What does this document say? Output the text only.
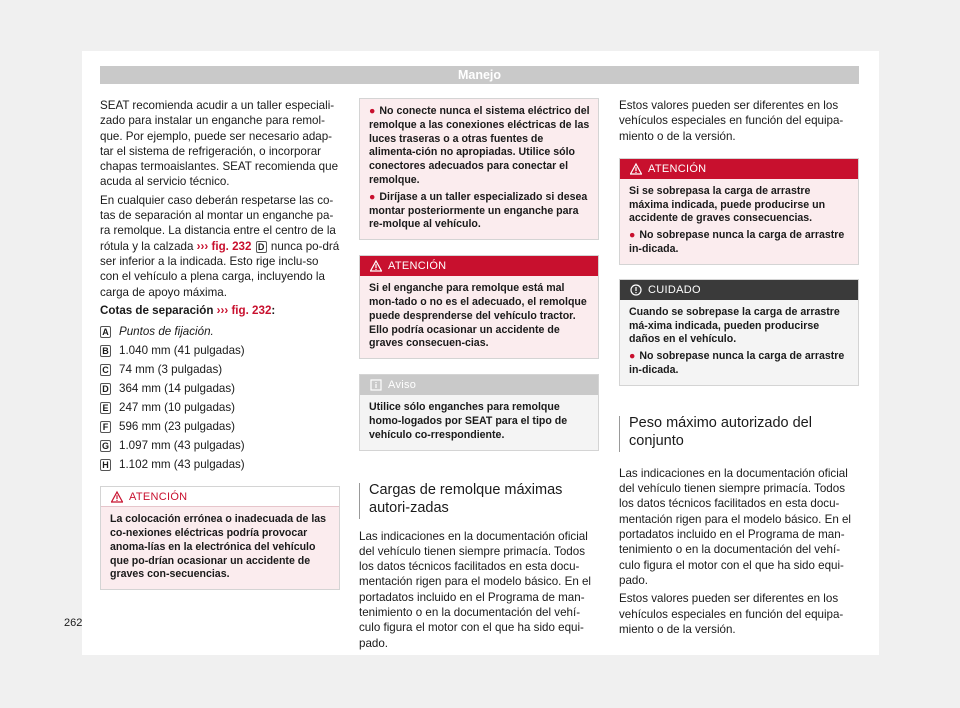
Manejo

SEAT recomienda acudir a un taller especiali-zado para instalar un enganche para remol-que. Por ejemplo, puede ser necesario adap-tar el sistema de refrigeración, o incorporar chapas termoaislantes. SEAT recomienda que acuda al servicio técnico.

En cualquier caso deberán respetarse las co-tas de separación al montar un enganche pa-ra remolque. La distancia entre el centro de la rótula y la calzada ››› fig. 232 D nunca po-drá ser inferior a la indicada. Esto rige inclu-so con el vehículo a plena carga, incluyendo la carga de apoyo máxima.

Cotas de separación ››› fig. 232:

A Puntos de fijación.
B 1.040 mm (41 pulgadas)
C 74 mm (3 pulgadas)
D 364 mm (14 pulgadas)
E 247 mm (10 pulgadas)
F 596 mm (23 pulgadas)
G 1.097 mm (43 pulgadas)
H 1.102 mm (43 pulgadas)
ATENCIÓN
La colocación errónea o inadecuada de las co-nexiones eléctricas podría provocar anoma-lías en la electrónica del vehículo que po-drían ocasionar un accidente de graves con-secuencias.
● No conecte nunca el sistema eléctrico del remolque a las conexiones eléctricas de las luces traseras o a otras fuentes de alimenta-ción no apropiadas. Utilice sólo conectores adecuados para conectar el remolque.
● Diríjase a un taller especializado si desea montar posteriormente un enganche para re-molque al vehículo.
ATENCIÓN
Si el enganche para remolque está mal mon-tado o no es el adecuado, el remolque puede desprenderse del vehículo tractor. Ello podría ocasionar un accidente de graves consecuen-cias.
Aviso
Utilice sólo enganches para remolque homo-logados por SEAT para el tipo de vehículo co-rrespondiente.
Cargas de remolque máximas autori-zadas

Las indicaciones en la documentación oficial del vehículo tienen siempre primacía. Todos los datos técnicos facilitados en esta docu-mentación rigen para el modelo básico. En el portadatos incluido en el Programa de man-tenimiento o en la documentación del vehí-culo figura el motor con el que ha sido equi-pado.

Estos valores pueden ser diferentes en los vehículos especiales en función del equipa-miento o de la versión.

ATENCIÓN
Si se sobrepasa la carga de arrastre máxima indicada, puede producirse un accidente de graves consecuencias.
● No sobrepase nunca la carga de arrastre in-dicada.
CUIDADO
Cuando se sobrepase la carga de arrastre má-xima indicada, pueden producirse daños en el vehículo.
● No sobrepase nunca la carga de arrastre in-dicada.
Peso máximo autorizado del conjunto

Las indicaciones en la documentación oficial del vehículo tienen siempre primacía. Todos los datos técnicos facilitados en esta docu-mentación rigen para el modelo básico. En el portadatos incluido en el Programa de man-tenimiento o en la documentación del vehí-culo figura el motor con el que ha sido equi-pado.

Estos valores pueden ser diferentes en los vehículos especiales en función del equipa-miento o de la versión.

262
